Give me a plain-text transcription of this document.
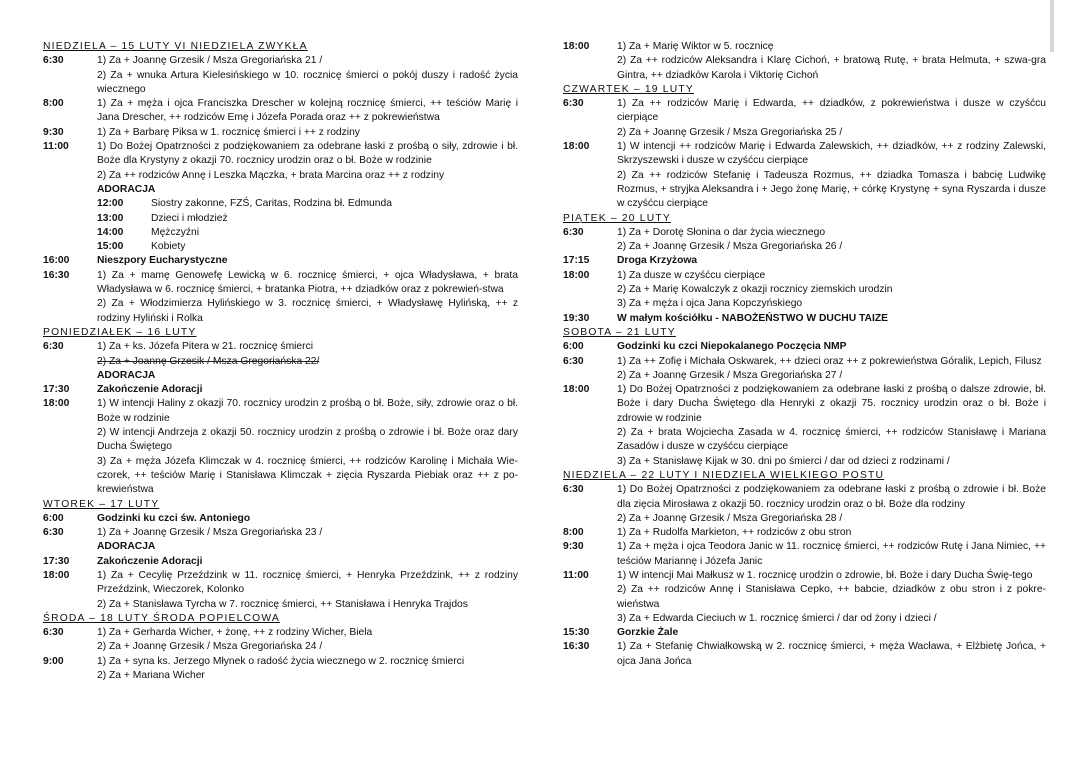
NIEDZIELA – 15 LUTY VI NIEDZIELA ZWYKŁA
6:30	1) Za + Joannę Grzesik / Msza Gregoriańska 21 /
2) Za + wnuka Artura Kielesińskiego w 10. rocznicę śmierci o pokój duszy i radość życia wiecznego
8:00	1) Za + męża i ojca Franciszka Drescher w kolejną rocznicę śmierci, ++ teściów Marię i Jana Drescher, ++ rodziców Emę i Józefa Porada oraz ++ z pokrewieństwa
9:30	1) Za + Barbarę Piksa w 1. rocznicę śmierci i ++ z rodziny
11:00	1) Do Bożej Opatrzności z podziękowaniem za odebrane łaski z prośbą o siły, zdrowie i bł. Boże dla Krystyny z okazji 70. rocznicy urodzin oraz o bł. Boże w rodzinie
2) Za ++ rodziców Annę i Leszka Mączka, + brata Marcina oraz ++ z rodziny
ADORACJA
12:00	Siostry zakonne, FZŚ, Caritas, Rodzina bł. Edmunda
13:00	Dzieci i młodzież
14:00	Mężczyźni
15:00	Kobiety
16:00	Nieszpory Eucharystyczne
16:30	1) Za + mamę Genowefę Lewicką w 6. rocznicę śmierci, + ojca Władysława, + brata Władysława w 6. rocznicę śmierci, + bratanka Piotra, ++ dziadków oraz z pokrewień-stwa
2) Za + Włodzimierza Hylińskiego w 3. rocznicę śmierci, + Władysławę Hylińską, ++ z rodziny Hyliński i Rolka
PONIEDZIAŁEK – 16 LUTY
6:30	1) Za + ks. Józefa Pitera w 21. rocznicę śmierci
2) Za + Joannę Grzesik / Msza Gregoriańska 22/
ADORACJA
17:30	Zakończenie Adoracji
18:00	1) W intencji Haliny z okazji 70. rocznicy urodzin z prośbą o bł. Boże, siły, zdrowie oraz o bł. Boże w rodzinie
2) W intencji Andrzeja z okazji 50. rocznicy urodzin z prośbą o zdrowie i bł. Boże oraz dary Ducha Świętego
3) Za + męża Józefa Klimczak w 4. rocznicę śmierci, ++ rodziców Karolinę i Michała Wie-czorek, ++ teściów Marię i Stanisława Klimczak + zięcia Ryszarda Piebiak oraz ++ z po-krewieństwa
WTOREK – 17 LUTY
6:00	Godzinki ku czci św. Antoniego
6:30	1) Za + Joannę Grzesik / Msza Gregoriańska 23 /
ADORACJA
17:30	Zakończenie Adoracji
18:00	1) Za + Cecylię Przeździnk w 11. rocznicę śmierci, + Henryka Przeździnk, ++ z rodziny Przeździnk, Wieczorek, Kolonko
2) Za + Stanisława Tyrcha w 7. rocznicę śmierci, ++ Stanisława i Henryka Trajdos
ŚRODA – 18 LUTY ŚRODA POPIELCOWA
6:30	1) Za + Gerharda Wicher, + żonę, ++ z rodziny Wicher, Biela
2) Za + Joannę Grzesik / Msza Gregoriańska 24 /
9:00	1) Za + syna ks. Jerzego Młynek o radość życia wiecznego w 2. rocznicę śmierci
2) Za + Mariana Wicher
18:00	1) Za + Marię Wiktor w 5. rocznicę
2) Za ++ rodziców Aleksandra i Klarę Cichoń, + bratową Rutę, + brata Helmuta, + szwa-gra Gintra, ++ dziadków Karola i Viktorię Cichoń
CZWARTEK – 19 LUTY
6:30	1) Za ++ rodziców Marię i Edwarda, ++ dziadków, z pokrewieństwa i dusze w czyśćcu cierpiące
2) Za + Joannę Grzesik / Msza Gregoriańska 25 /
18:00	1) W intencji ++ rodziców Marię i Edwarda Zalewskich, ++ dziadków, ++ z rodziny Zalewski, Skrzyszewski i dusze w czyśćcu cierpiące
2) Za ++ rodziców Stefanię i Tadeusza Rozmus, ++ dziadka Tomasza i babcię Ludwikę Rozmus, + stryjka Aleksandra i + Jego żonę Marię, + córkę Krystynę + syna Ryszarda i dusze w czyśćcu cierpiące
PIĄTEK – 20 LUTY
6:30	1) Za + Dorotę Słonina o dar życia wiecznego
2) Za + Joannę Grzesik / Msza Gregoriańska 26 /
17:15	Droga Krzyżowa
18:00	1) Za dusze w czyśćcu cierpiące
2) Za + Marię Kowalczyk z okazji rocznicy ziemskich urodzin
3) Za + męża i ojca Jana Kopczyńskiego
19:30	W małym kościółku - NABOŻEŃSTWO W DUCHU TAIZE
SOBOTA – 21 LUTY
6:00	Godzinki ku czci Niepokalanego Poczęcia NMP
6:30	1) Za ++ Zofię i Michała Oskwarek, ++ dzieci oraz ++ z pokrewieństwa Góralik, Lepich, Filusz
2) Za + Joannę Grzesik / Msza Gregoriańska 27 /
18:00	1) Do Bożej Opatrzności z podziękowaniem za odebrane łaski z prośbą o dalsze zdrowie, bł. Boże i dary Ducha Świętego dla Henryki z okazji 75. rocznicy urodzin oraz o bł. Boże i zdrowie w rodzinie
2) Za + brata Wojciecha Zasada w 4. rocznicę śmierci, ++ rodziców Stanisławę i Mariana Zasadów i dusze w czyśćcu cierpiące
3) Za + Stanisławę Kijak w 30. dni po śmierci / dar od dzieci z rodzinami /
NIEDZIELA – 22 LUTY I NIEDZIELA WIELKIEGO POSTU
6:30	1) Do Bożej Opatrzności z podziękowaniem za odebrane łaski z prośbą o zdrowie i bł. Boże dla zięcia Mirosława z okazji 50. rocznicy urodzin oraz o bł. Boże dla rodziny
2) Za + Joannę Grzesik / Msza Gregoriańska 28 /
8:00	1) Za + Rudolfa Markieton, ++ rodziców z obu stron
9:30	1) Za + męża i ojca Teodora Janic w 11. rocznicę śmierci, ++ rodziców Rutę i Jana Nimiec, ++ teściów Mariannę i Józefa Janic
11:00	1) W intencji Mai Małkusz w 1. rocznicę urodzin o zdrowie, bł. Boże i dary Ducha Świę-tego
2) Za ++ rodziców Annę i Stanisława Cepko, ++ babcie, dziadków z obu stron i z pokre-wieństwa
3) Za + Edwarda Cieciuch w 1. rocznicę śmierci / dar od żony i dzieci /
15:30	Gorzkie Żale
16:30	1) Za + Stefanię Chwiałkowską w 2. rocznicę śmierci, + męża Wacława, + Elżbietę Jońca, + ojca Jana Jońca
